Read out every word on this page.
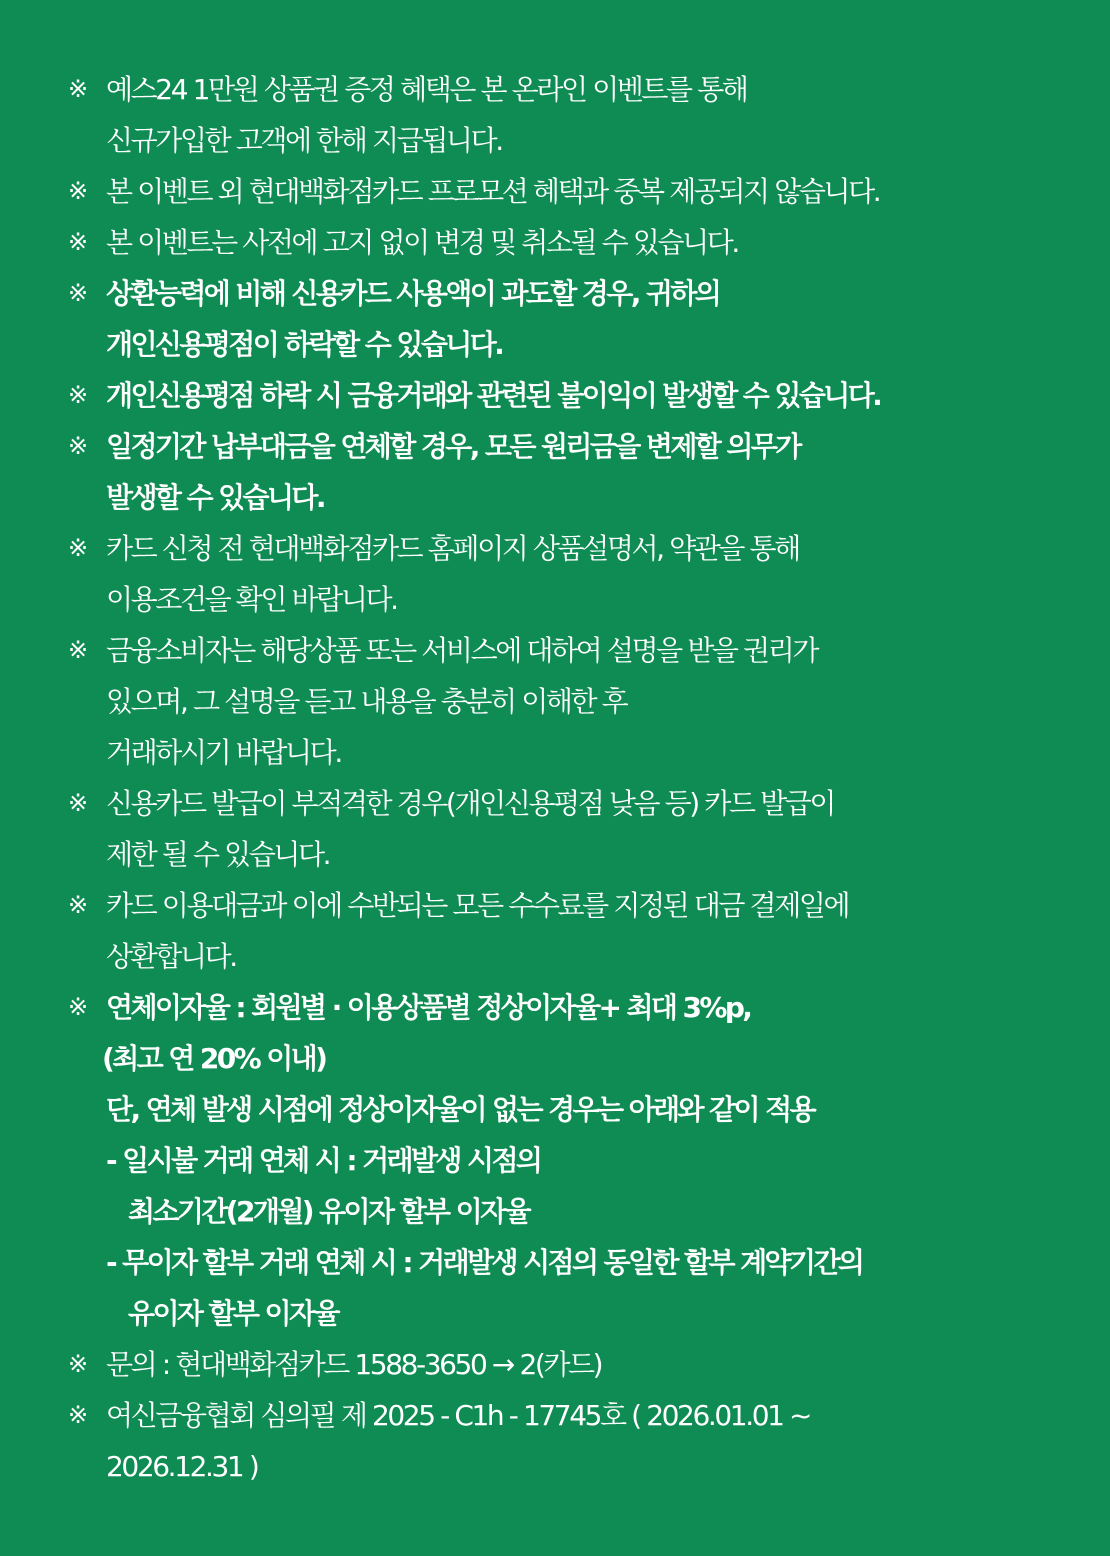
※ 예스24 1만원 상품권 증정 혜택은 본 온라인 이벤트를 통해
신규가입한 고객에 한해 지급됩니다.
※ 본 이벤트 외 현대백화점카드 프로모션 혜택과 중복 제공되지 않습니다.
※ 본 이벤트는 사전에 고지 없이 변경 및 취소될 수 있습니다.
※ 상환능력에 비해 신용카드 사용액이 과도할 경우, 귀하의
개인신용평점이 하락할 수 있습니다.
※ 개인신용평점 하락 시 금융거래와 관련된 불이익이 발생할 수 있습니다.
※ 일정기간 납부대금을 연체할 경우, 모든 원리금을 변제할 의무가
발생할 수 있습니다.
※ 카드 신청 전 현대백화점카드 홈페이지 상품설명서, 약관을 통해
이용조건을 확인 바랍니다.
※ 금융소비자는 해당상품 또는 서비스에 대하여 설명을 받을 권리가
있으며, 그 설명을 듣고 내용을 충분히 이해한 후
거래하시기 바랍니다.
※ 신용카드 발급이 부적격한 경우(개인신용평점 낮음 등) 카드 발급이
제한 될 수 있습니다.
※ 카드 이용대금과 이에 수반되는 모든 수수료를 지정된 대금 결제일에
상환합니다.
※ 연체이자율 : 회원별 · 이용상품별 정상이자율+ 최대 3%p,
(최고 연 20% 이내)
단, 연체 발생 시점에 정상이자율이 없는 경우는 아래와 같이 적용
- 일시불 거래 연체 시 : 거래발생 시점의
최소기간(2개월) 유이자 할부 이자율
- 무이자 할부 거래 연체 시 : 거래발생 시점의 동일한 할부 계약기간의
유이자 할부 이자율
※ 문의 : 현대백화점카드 1588-3650 → 2(카드)
※ 여신금융협회 심의필 제 2025 - C1h - 17745호 ( 2026.01.01 ~
2026.12.31 )
